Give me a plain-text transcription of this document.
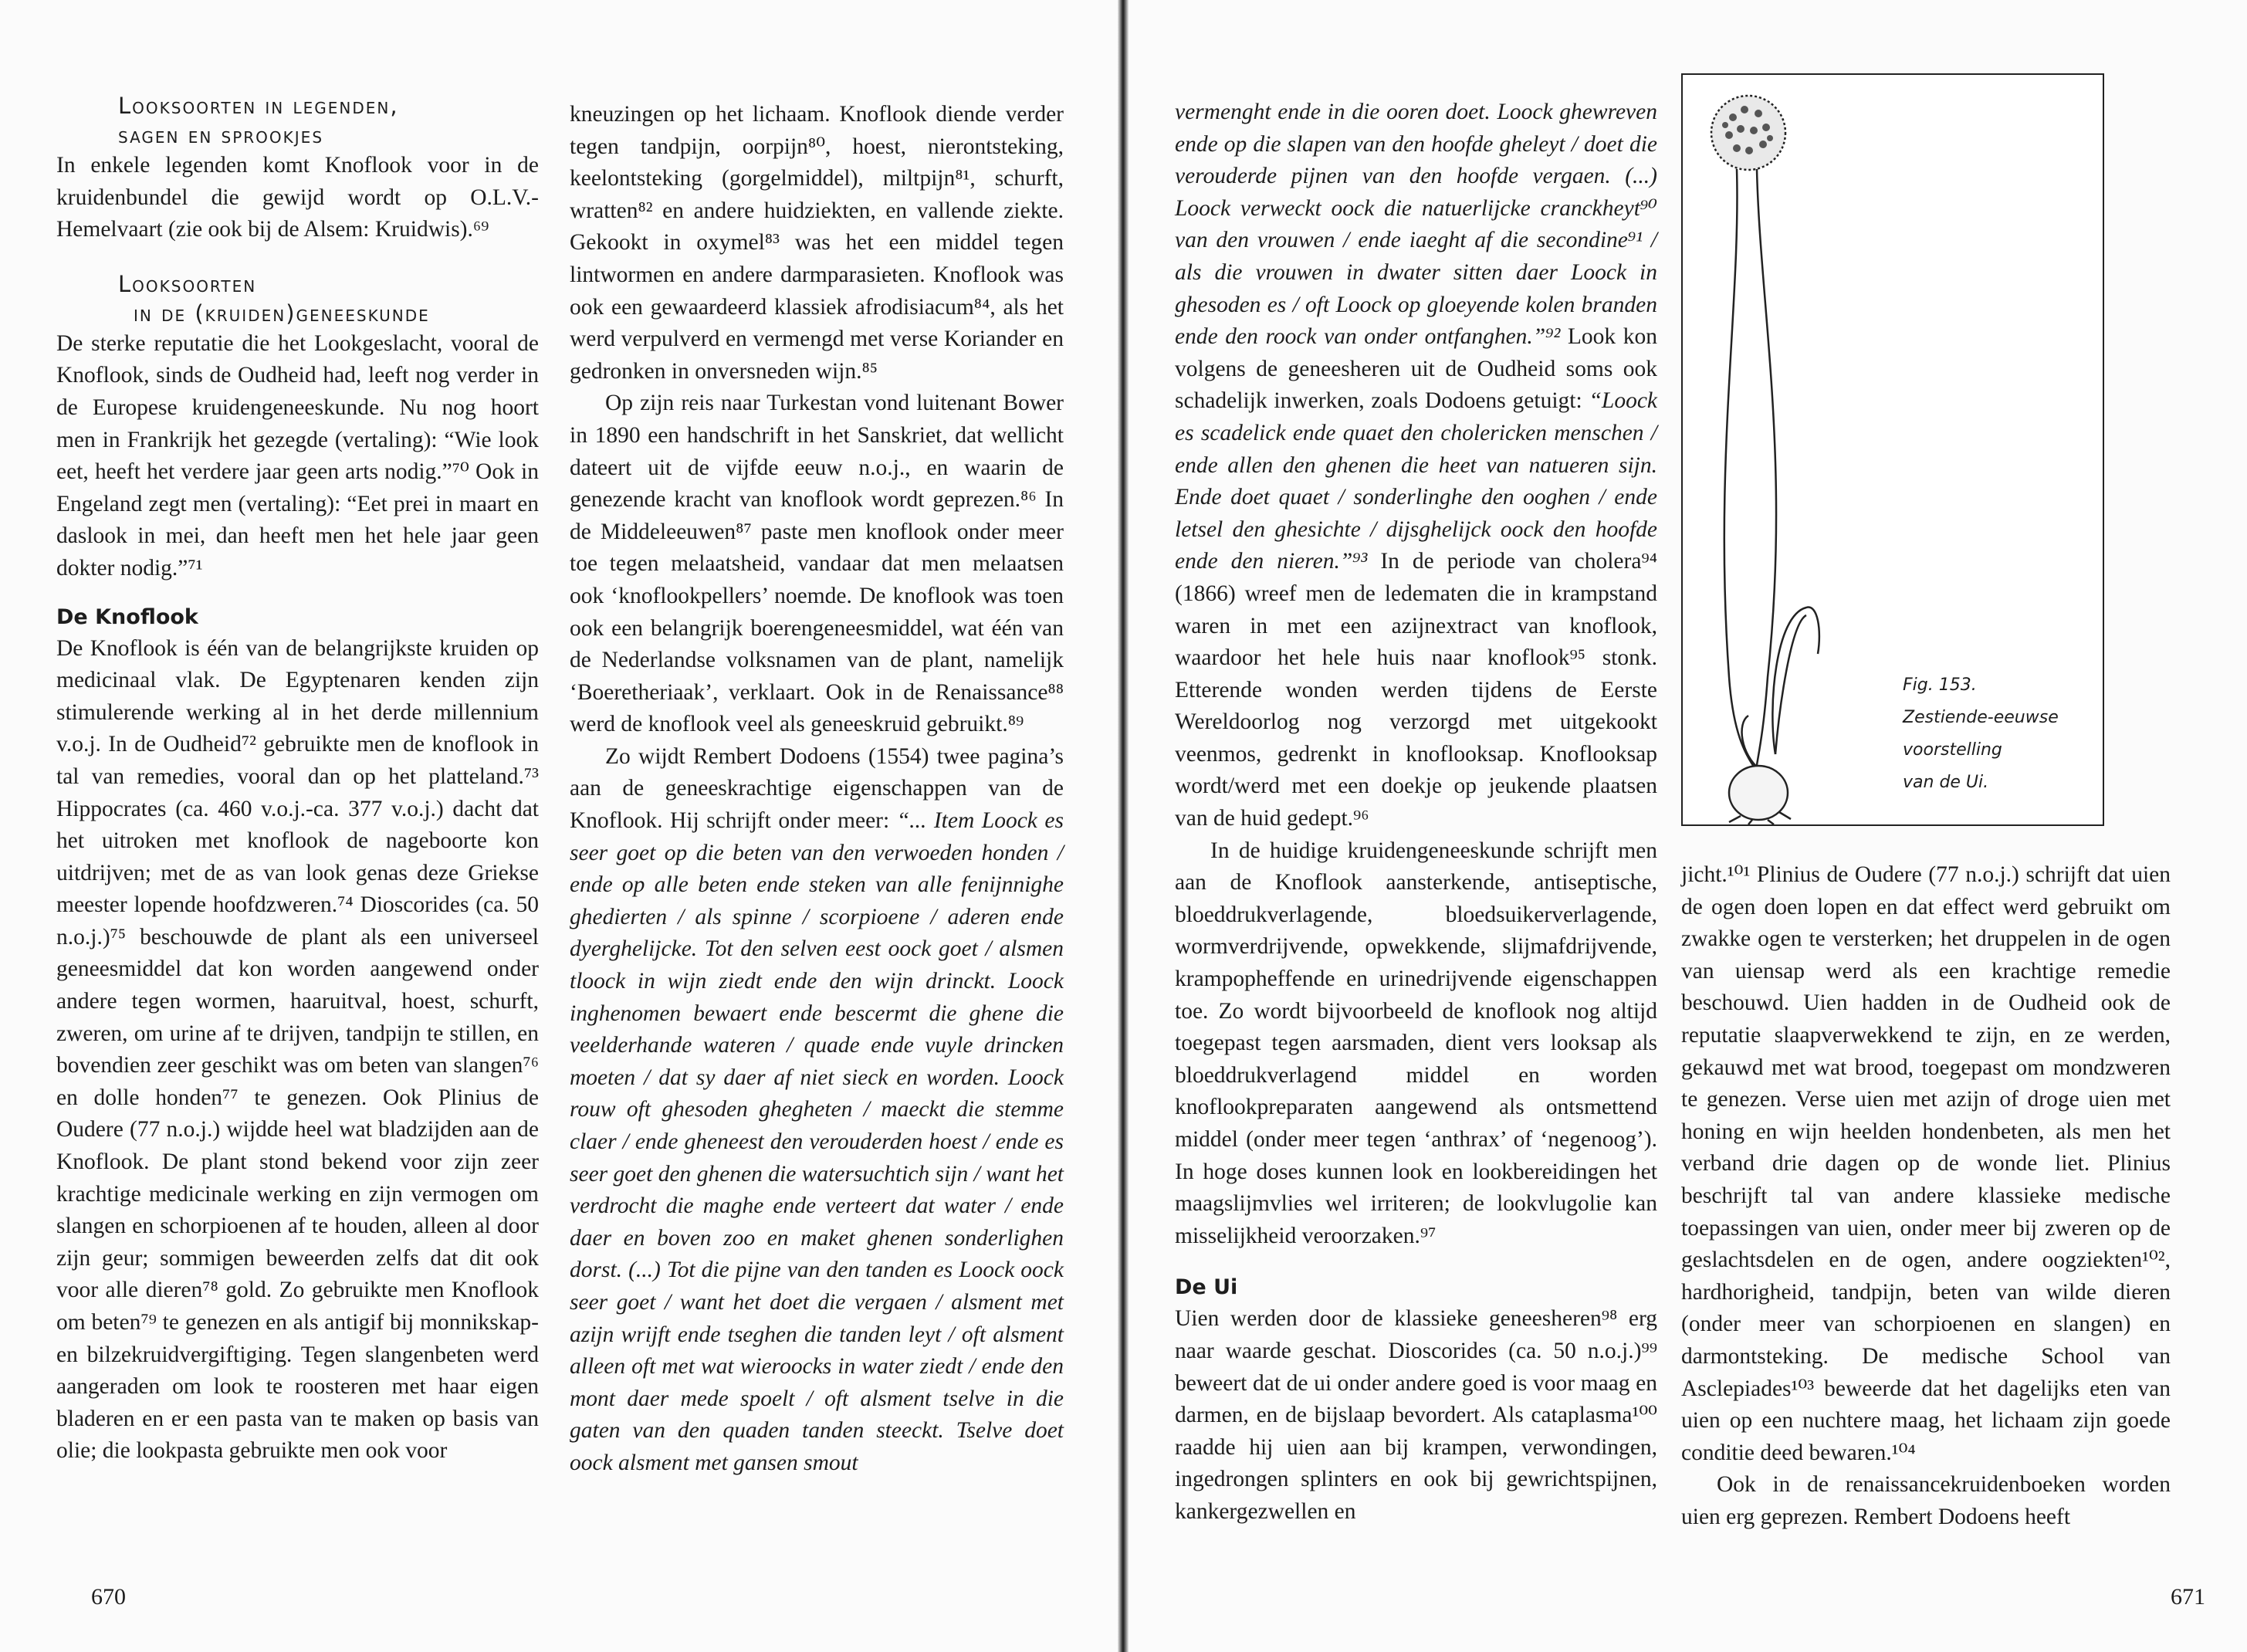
Looksoorten in legenden,
sagen en sprookjes

In enkele legenden komt Knoflook voor in de kruidenbundel die gewijd wordt op O.L.V.-Hemelvaart (zie ook bij de Alsem: Kruidwis).⁶⁹

Looksoorten
in de (kruiden)geneeskunde

De sterke reputatie die het Lookgeslacht, vooral de Knoflook, sinds de Oudheid had, leeft nog verder in de Europese kruidengeneeskunde. Nu nog hoort men in Frankrijk het gezegde (vertaling): “Wie look eet, heeft het verdere jaar geen arts nodig.”⁷⁰ Ook in Engeland zegt men (vertaling): “Eet prei in maart en daslook in mei, dan heeft men het hele jaar geen dokter nodig.”⁷¹

De Knoflook

De Knoflook is één van de belangrijkste kruiden op medicinaal vlak. De Egyptenaren kenden zijn stimulerende werking al in het derde millennium v.o.j. In de Oudheid⁷² gebruikte men de knoflook in tal van remedies, vooral dan op het platteland.⁷³ Hippocrates (ca. 460 v.o.j.-ca. 377 v.o.j.) dacht dat het uitroken met knoflook de nageboorte kon uitdrijven; met de as van look genas deze Griekse meester lopende hoofdzweren.⁷⁴ Dioscorides (ca. 50 n.o.j.)⁷⁵ beschouwde de plant als een universeel geneesmiddel dat kon worden aangewend onder andere tegen wormen, haaruitval, hoest, schurft, zweren, om urine af te drijven, tandpijn te stillen, en bovendien zeer geschikt was om beten van slangen⁷⁶ en dolle honden⁷⁷ te genezen. Ook Plinius de Oudere (77 n.o.j.) wijdde heel wat bladzijden aan de Knoflook. De plant stond bekend voor zijn zeer krachtige medicinale werking en zijn vermogen om slangen en schorpioenen af te houden, alleen al door zijn geur; sommigen beweerden zelfs dat dit ook voor alle dieren⁷⁸ gold. Zo gebruikte men Knoflook om beten⁷⁹ te genezen en als antigif bij monnikskap- en bilzekruidvergiftiging. Tegen slangenbeten werd aangeraden om look te roosteren met haar eigen bladeren en er een pasta van te maken op basis van olie; die lookpasta gebruikte men ook voor

kneuzingen op het lichaam. Knoflook diende verder tegen tandpijn, oorpijn⁸⁰, hoest, nierontsteking, keelontsteking (gorgelmiddel), miltpijn⁸¹, schurft, wratten⁸² en andere huidziekten, en vallende ziekte. Gekookt in oxymel⁸³ was het een middel tegen lintwormen en andere darmparasieten. Knoflook was ook een gewaardeerd klassiek afrodisiacum⁸⁴, als het werd verpulverd en vermengd met verse Koriander en gedronken in onversneden wijn.⁸⁵

Op zijn reis naar Turkestan vond luitenant Bower in 1890 een handschrift in het Sanskriet, dat wellicht dateert uit de vijfde eeuw n.o.j., en waarin de genezende kracht van knoflook wordt geprezen.⁸⁶ In de Middeleeuwen⁸⁷ paste men knoflook onder meer toe tegen melaatsheid, vandaar dat men melaatsen ook ‘knoflookpellers’ noemde. De knoflook was toen ook een belangrijk boerengeneesmiddel, wat één van de Nederlandse volksnamen van de plant, namelijk ‘Boeretheriaak’, verklaart. Ook in de Renaissance⁸⁸ werd de knoflook veel als geneeskruid gebruikt.⁸⁹

Zo wijdt Rembert Dodoens (1554) twee pagina’s aan de geneeskrachtige eigenschappen van de Knoflook. Hij schrijft onder meer: “... Item Loock es seer goet op die beten van den verwoeden honden / ende op alle beten ende steken van alle fenijnnighe ghedierten / als spinne / scorpioene / aderen ende dyerghelijcke. Tot den selven eest oock goet / alsmen tloock in wijn ziedt ende den wijn drinckt. Loock inghenomen bewaert ende bescermt die ghene die veelderhande wateren / quade ende vuyle drincken moeten / dat sy daer af niet sieck en worden. Loock rouw oft ghesoden ghegheten / maeckt die stemme claer / ende gheneest den verouderden hoest / ende es seer goet den ghenen die watersuchtich sijn / want het verdrocht die maghe ende verteert dat water / ende daer en boven zoo en maket ghenen sonderlighen dorst. (...) Tot die pijne van den tanden es Loock oock seer goet / want het doet die vergaen / alsment met azijn wrijft ende tseghen die tanden leyt / oft alsment alleen oft met wat wieroocks in water ziedt / ende den mont daer mede spoelt / oft alsment tselve in die gaten van den quaden tanden steeckt. Tselve doet oock alsment met gansen smout

670

vermenght ende in die ooren doet. Loock ghewreven ende op die slapen van den hoofde gheleyt / doet die verouderde pijnen van den hoofde vergaen. (...) Loock verweckt oock die natuerlijcke cranckheyt⁹⁰ van den vrouwen / ende iaeght af die secondine⁹¹ / als die vrouwen in dwater sitten daer Loock in ghesoden es / oft Loock op gloeyende kolen branden ende den roock van onder ontfanghen.”⁹² Look kon volgens de geneesheren uit de Oudheid soms ook schadelijk inwerken, zoals Dodoens getuigt: “Loock es scadelick ende quaet den cholericken menschen / ende allen den ghenen die heet van natueren sijn. Ende doet quaet / sonderlinghe den ooghen / ende letsel den ghesichte / dijsghelijck oock den hoofde ende den nieren.”⁹³ In de periode van cholera⁹⁴ (1866) wreef men de ledematen die in krampstand waren in met een azijnextract van knoflook, waardoor het hele huis naar knoflook⁹⁵ stonk. Etterende wonden werden tijdens de Eerste Wereldoorlog nog verzorgd met uitgekookt veenmos, gedrenkt in knoflooksap. Knoflooksap wordt/werd met een doekje op jeukende plaatsen van de huid gedept.⁹⁶

In de huidige kruidengeneeskunde schrijft men aan de Knoflook aansterkende, antiseptische, bloeddrukverlagende, bloedsuikerverlagende, wormverdrijvende, opwekkende, slijmafdrijvende, krampopheffende en urinedrijvende eigenschappen toe. Zo wordt bijvoorbeeld de knoflook nog altijd toegepast tegen aarsmaden, dient vers looksap als bloeddrukverlagend middel en worden knoflookpreparaten aangewend als ontsmettend middel (onder meer tegen ‘anthrax’ of ‘negenoog’). In hoge doses kunnen look en lookbereidingen het maagslijmvlies wel irriteren; de lookvlugolie kan misselijkheid veroorzaken.⁹⁷

De Ui

Uien werden door de klassieke geneesheren⁹⁸ erg naar waarde geschat. Dioscorides (ca. 50 n.o.j.)⁹⁹ beweert dat de ui onder andere goed is voor maag en darmen, en de bijslaap bevordert. Als cataplasma¹⁰⁰ raadde hij uien aan bij krampen, verwondingen, ingedrongen splinters en ook bij gewrichtspijnen, kankergezwellen en

jicht.¹⁰¹ Plinius de Oudere (77 n.o.j.) schrijft dat uien de ogen doen lopen en dat effect werd gebruikt om zwakke ogen te versterken; het druppelen in de ogen van uiensap werd als een krachtige remedie beschouwd. Uien hadden in de Oudheid ook de reputatie slaapverwekkend te zijn, en ze werden, gekauwd met wat brood, toegepast om mondzweren te genezen. Verse uien met azijn of droge uien met honing en wijn heelden hondenbeten, als men het verband drie dagen op de wonde liet. Plinius beschrijft tal van andere klassieke medische toepassingen van uien, onder meer bij zweren op de geslachtsdelen en de ogen, andere oogziekten¹⁰², hardhorigheid, tandpijn, beten van wilde dieren (onder meer van schorpioenen en slangen) en darmontsteking. De medische School van Asclepiades¹⁰³ beweerde dat het dagelijks eten van uien op een nuchtere maag, het lichaam zijn goede conditie deed bewaren.¹⁰⁴

Ook in de renaissancekruidenboeken worden uien erg geprezen. Rembert Dodoens heeft

671
Fig. 153.
Zestiende-eeuwse
voorstelling
van de Ui.
